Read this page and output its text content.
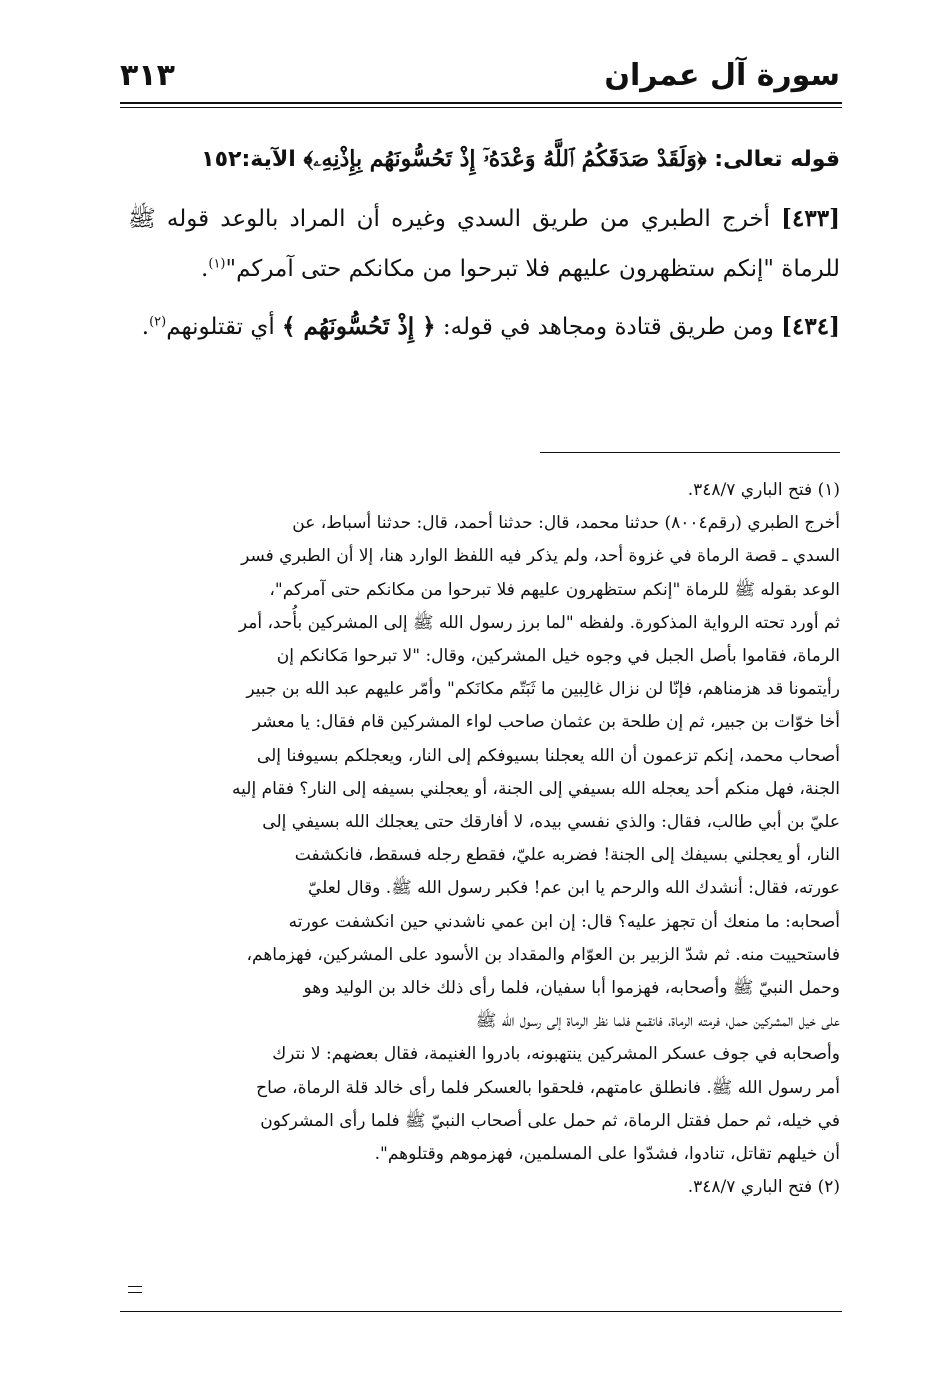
سورة آل عمران
٣١٣

قوله تعالى: ﴿وَلَقَدْ صَدَقَكُمُ ٱللَّهُ وَعْدَهُۥٓ إِذْ تَحُسُّونَهُم بِإِذْنِهِۦ﴾ الآية:١٥٢

[٤٣٣] أخرج الطبري من طريق السدي وغيره أن المراد بالوعد قوله ﷺ للرماة "إنكم ستظهرون عليهم فلا تبرحوا من مكانكم حتى آمركم"$^{(١)}$.

[٤٣٤] ومن طريق قتادة ومجاهد في قوله: ﴿ إِذْ تَحُسُّونَهُم ﴾ أي تقتلونهم$^{(٢)}$.

(١) فتح الباري ٣٤٨/٧.

أخرج الطبري (رقم٨٠٠٤) حدثنا محمد، قال: حدثنا أحمد، قال: حدثنا أسباط، عن

السدي ـ قصة الرماة في غزوة أحد، ولم يذكر فيه اللفظ الوارد هنا، إلا أن الطبري فسر

الوعد بقوله ﷺ للرماة "إنكم ستظهرون عليهم فلا تبرحوا من مكانكم حتى آمركم"،

ثم أورد تحته الرواية المذكورة. ولفظه "لما برز رسول الله ﷺ إلى المشركين بأُحد، أمر

الرماة، فقاموا بأصل الجبل في وجوه خيل المشركين، وقال: "لا تبرحوا مَكانكم إن

رأيتمونا قد هزمناهم، فإنّا لن نزال غالِبين ما ثَبَتّم مكانَكم" وأمّر عليهم عبد الله بن جبير

أخا خوّات بن جبير، ثم إن طلحة بن عثمان صاحب لواء المشركين قام فقال: يا معشر

أصحاب محمد، إنكم تزعمون أن الله يعجلنا بسيوفكم إلى النار، ويعجلكم بسيوفنا إلى

الجنة، فهل منكم أحد يعجله الله بسيفي إلى الجنة، أو يعجلني بسيفه إلى النار؟ فقام إليه

عليّ بن أبي طالب، فقال: والذي نفسي بيده، لا أفارقك حتى يعجلك الله بسيفي إلى

النار، أو يعجلني بسيفك إلى الجنة! فضربه عليّ، فقطع رجله فسقط، فانكشفت

عورته، فقال: أنشدك الله والرحم يا ابن عم! فكبر رسول الله ﷺ. وقال لعليّ

أصحابه: ما منعك أن تجهز عليه؟ قال: إن ابن عمي ناشدني حين انكشفت عورته

فاستحييت منه. ثم شدّ الزبير بن العوّام والمقداد بن الأسود على المشركين، فهزماهم،

وحمل النبيّ ﷺ وأصحابه، فهزموا أبا سفيان، فلما رأى ذلك خالد بن الوليد وهو

على خيل المشركين حمل، فرمته الرماة، فانقمع فلما نظر الرماة إلى رسول الله ﷺ

وأصحابه في جوف عسكر المشركين ينتهبونه، بادروا الغنيمة، فقال بعضهم: لا نترك

أمر رسول الله ﷺ. فانطلق عامتهم، فلحقوا بالعسكر فلما رأى خالد قلة الرماة، صاح

في خيله، ثم حمل فقتل الرماة، ثم حمل على أصحاب النبيّ ﷺ فلما رأى المشركون

أن خيلهم تقاتل، تنادوا، فشدّوا على المسلمين، فهزموهم وقتلوهم".

(٢) فتح الباري ٣٤٨/٧.
